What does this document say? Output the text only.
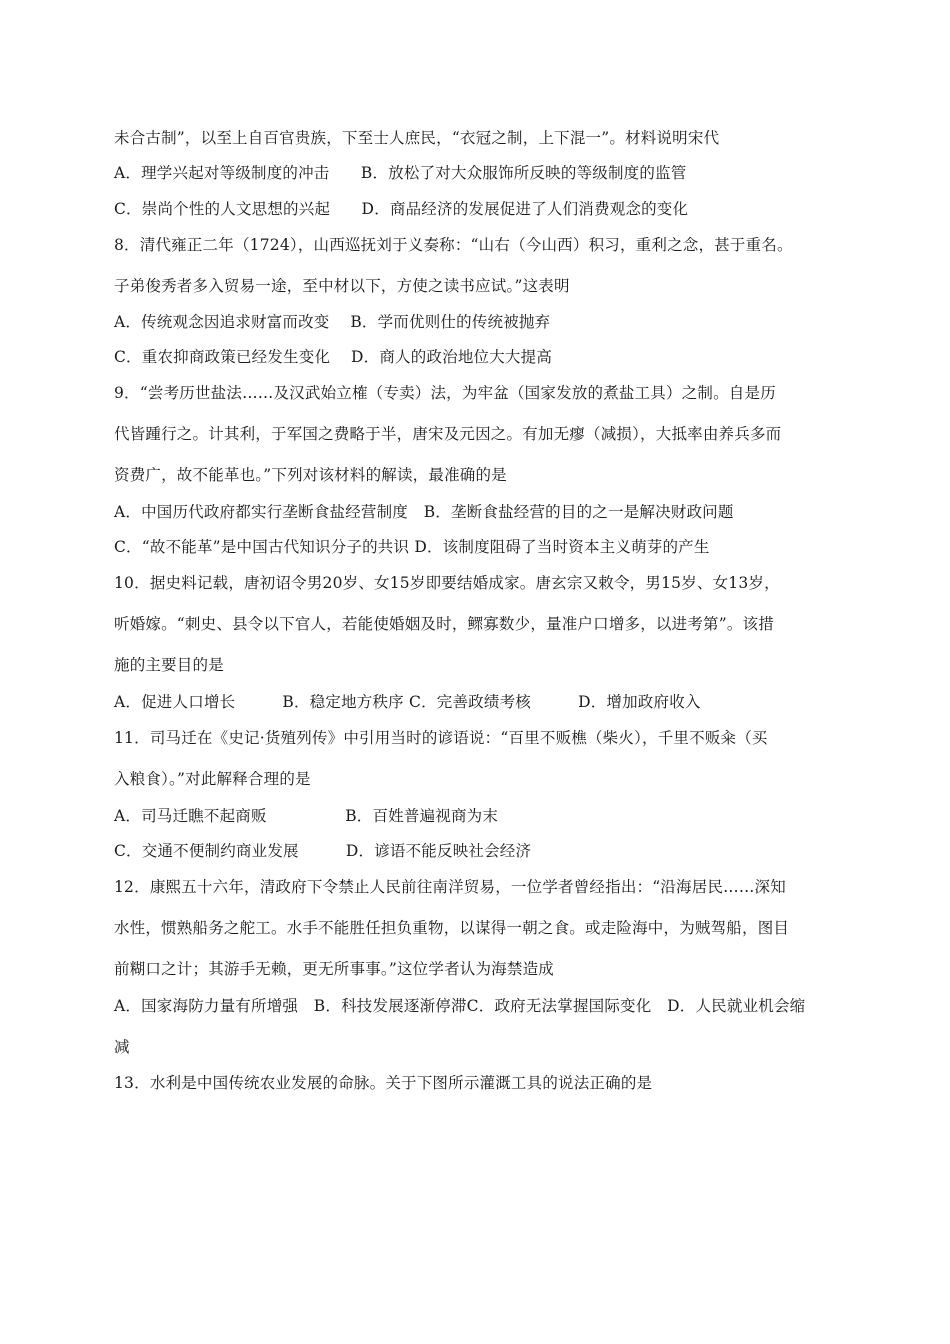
未合古制”，以至上自百官贵族，下至士人庶民，“衣冠之制，上下混一”。材料说明宋代
A．理学兴起对等级制度的冲击　　B．放松了对大众服饰所反映的等级制度的监管
C．崇尚个性的人文思想的兴起　　D．商品经济的发展促进了人们消费观念的变化
8．清代雍正二年（1724），山西巡抚刘于义奏称：“山右（今山西）积习，重利之念，甚于重名。
子弟俊秀者多入贸易一途，至中材以下，方使之读书应试。”这表明
A．传统观念因追求财富而改变　 B．学而优则仕的传统被抛弃
C．重农抑商政策已经发生变化　 D．商人的政治地位大大提高
9．“尝考历世盐法……及汉武始立榷（专卖）法，为牢盆（国家发放的煮盐工具）之制。自是历
代皆踵行之。计其利，于军国之费略于半，唐宋及元因之。有加无瘳（减损），大抵率由养兵多而
资费广，故不能革也。”下列对该材料的解读，最准确的是
A．中国历代政府都实行垄断食盐经营制度　B．垄断食盐经营的目的之一是解决财政问题
C．“故不能革”是中国古代知识分子的共识 D．该制度阻碍了当时资本主义萌芽的产生
10．据史料记载，唐初诏令男20岁、女15岁即要结婚成家。唐玄宗又敕令，男15岁、女13岁，
听婚嫁。“刺史、县令以下官人，若能使婚姻及时，鳏寡数少，量准户口增多，以进考第”。该措
施的主要目的是
A．促进人口增长　　　B．稳定地方秩序 C．完善政绩考核　　　D．增加政府收入
11．司马迁在《史记·货殖列传》中引用当时的谚语说：“百里不贩樵（柴火），千里不贩籴（买
入粮食）。”对此解释合理的是
A．司马迁瞧不起商贩　　　　　B．百姓普遍视商为末
C．交通不便制约商业发展　　　D．谚语不能反映社会经济
12．康熙五十六年，清政府下令禁止人民前往南洋贸易，一位学者曾经指出：“沿海居民……深知
水性，惯熟船务之舵工。水手不能胜任担负重物，以谋得一朝之食。或走险海中，为贼驾船，图目
前糊口之计；其游手无赖，更无所事事。”这位学者认为海禁造成
A．国家海防力量有所增强　B．科技发展逐渐停滞C．政府无法掌握国际变化　D．人民就业机会缩
减
13．水利是中国传统农业发展的命脉。关于下图所示灌溉工具的说法正确的是
